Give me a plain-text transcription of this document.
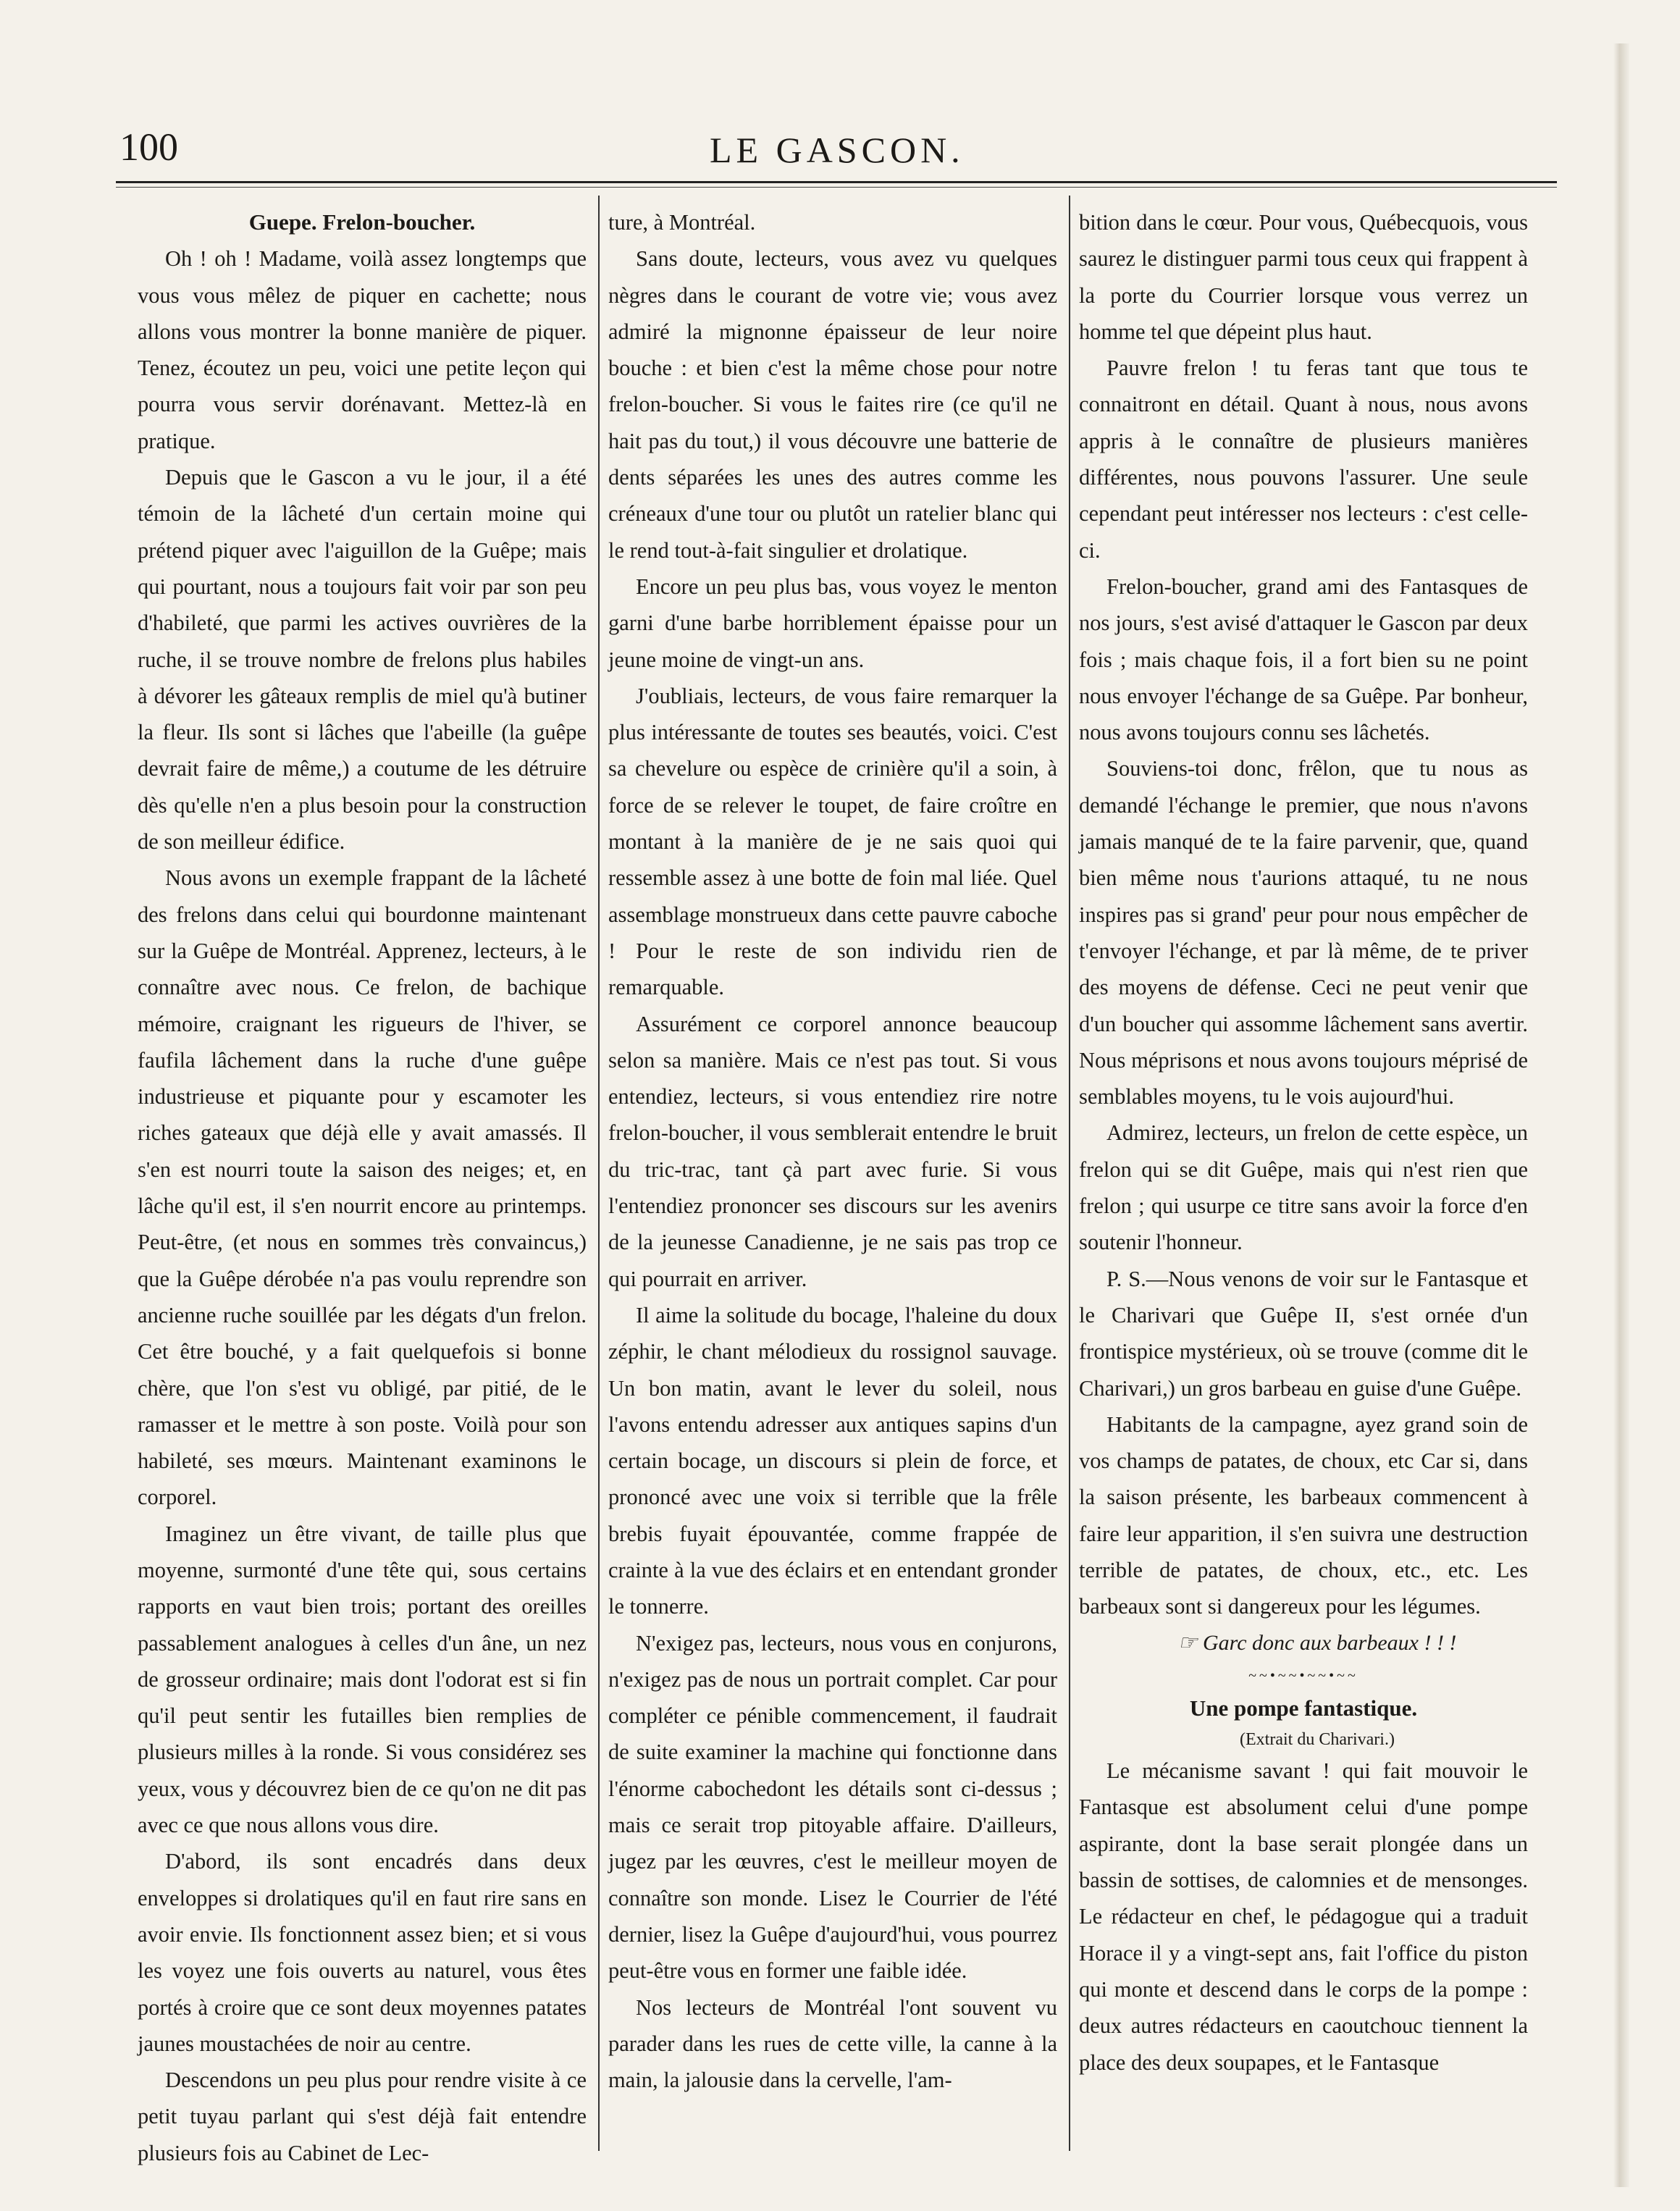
100	LE GASCON.
Guepe. Frelon-boucher.

Oh ! oh ! Madame, voilà assez longtemps que vous vous mêlez de piquer en cachette; nous allons vous montrer la bonne manière de piquer. Tenez, écoutez un peu, voici une petite leçon qui pourra vous servir dorénavant. Mettez-là en pratique.

Depuis que le Gascon a vu le jour, il a été témoin de la lâcheté d'un certain moine qui prétend piquer avec l'aiguillon de la Guêpe; mais qui pourtant, nous a toujours fait voir par son peu d'habileté, que parmi les actives ouvrières de la ruche, il se trouve nombre de frelons plus habiles à dévorer les gâteaux remplis de miel qu'à butiner la fleur. Ils sont si lâches que l'abeille (la guêpe devrait faire de même,) a coutume de les détruire dès qu'elle n'en a plus besoin pour la construction de son meilleur édifice.

Nous avons un exemple frappant de la lâcheté des frelons dans celui qui bourdonne maintenant sur la Guêpe de Montréal. Apprenez, lecteurs, à le connaître avec nous. Ce frelon, de bachique mémoire, craignant les rigueurs de l'hiver, se faufila lâchement dans la ruche d'une guêpe industrieuse et piquante pour y escamoter les riches gateaux que déjà elle y avait amassés. Il s'en est nourri toute la saison des neiges; et, en lâche qu'il est, il s'en nourrit encore au printemps. Peut-être, (et nous en sommes très convaincus,) que la Guêpe dérobée n'a pas voulu reprendre son ancienne ruche souillée par les dégats d'un frelon. Cet être bouché, y a fait quelquefois si bonne chère, que l'on s'est vu obligé, par pitié, de le ramasser et le mettre à son poste. Voilà pour son habileté, ses mœurs. Maintenant examinons le corporel.

Imaginez un être vivant, de taille plus que moyenne, surmonté d'une tête qui, sous certains rapports en vaut bien trois; portant des oreilles passablement analogues à celles d'un âne, un nez de grosseur ordinaire; mais dont l'odorat est si fin qu'il peut sentir les futailles bien remplies de plusieurs milles à la ronde. Si vous considérez ses yeux, vous y découvrez bien de ce qu'on ne dit pas avec ce que nous allons vous dire.

D'abord, ils sont encadrés dans deux enveloppes si drolatiques qu'il en faut rire sans en avoir envie. Ils fonctionnent assez bien; et si vous les voyez une fois ouverts au naturel, vous êtes portés à croire que ce sont deux moyennes patates jaunes moustachées de noir au centre.

Descendons un peu plus pour rendre visite à ce petit tuyau parlant qui s'est déjà fait entendre plusieurs fois au Cabinet de Lec-

ture, à Montréal.

Sans doute, lecteurs, vous avez vu quelques nègres dans le courant de votre vie; vous avez admiré la mignonne épaisseur de leur noire bouche : et bien c'est la même chose pour notre frelon-boucher. Si vous le faites rire (ce qu'il ne hait pas du tout,) il vous découvre une batterie de dents séparées les unes des autres comme les créneaux d'une tour ou plutôt un ratelier blanc qui le rend tout-à-fait singulier et drolatique.

Encore un peu plus bas, vous voyez le menton garni d'une barbe horriblement épaisse pour un jeune moine de vingt-un ans.

J'oubliais, lecteurs, de vous faire remarquer la plus intéressante de toutes ses beautés, voici. C'est sa chevelure ou espèce de crinière qu'il a soin, à force de se relever le toupet, de faire croître en montant à la manière de je ne sais quoi qui ressemble assez à une botte de foin mal liée. Quel assemblage monstrueux dans cette pauvre caboche ! Pour le reste de son individu rien de remarquable.

Assurément ce corporel annonce beaucoup selon sa manière. Mais ce n'est pas tout. Si vous entendiez, lecteurs, si vous entendiez rire notre frelon-boucher, il vous semblerait entendre le bruit du tric-trac, tant çà part avec furie. Si vous l'entendiez prononcer ses discours sur les avenirs de la jeunesse Canadienne, je ne sais pas trop ce qui pourrait en arriver.

Il aime la solitude du bocage, l'haleine du doux zéphir, le chant mélodieux du rossignol sauvage. Un bon matin, avant le lever du soleil, nous l'avons entendu adresser aux antiques sapins d'un certain bocage, un discours si plein de force, et prononcé avec une voix si terrible que la frêle brebis fuyait épouvantée, comme frappée de crainte à la vue des éclairs et en entendant gronder le tonnerre.

N'exigez pas, lecteurs, nous vous en conjurons, n'exigez pas de nous un portrait complet. Car pour compléter ce pénible commencement, il faudrait de suite examiner la machine qui fonctionne dans l'énorme cabochedont les détails sont ci-dessus ; mais ce serait trop pitoyable affaire. D'ailleurs, jugez par les œuvres, c'est le meilleur moyen de connaître son monde. Lisez le Courrier de l'été dernier, lisez la Guêpe d'aujourd'hui, vous pourrez peut-être vous en former une faible idée.

Nos lecteurs de Montréal l'ont souvent vu parader dans les rues de cette ville, la canne à la main, la jalousie dans la cervelle, l'am-

bition dans le cœur. Pour vous, Québecquois, vous saurez le distinguer parmi tous ceux qui frappent à la porte du Courrier lorsque vous verrez un homme tel que dépeint plus haut.

Pauvre frelon ! tu feras tant que tous te connaitront en détail. Quant à nous, nous avons appris à le connaître de plusieurs manières différentes, nous pouvons l'assurer. Une seule cependant peut intéresser nos lecteurs : c'est celle-ci.

Frelon-boucher, grand ami des Fantasques de nos jours, s'est avisé d'attaquer le Gascon par deux fois ; mais chaque fois, il a fort bien su ne point nous envoyer l'échange de sa Guêpe. Par bonheur, nous avons toujours connu ses lâchetés.

Souviens-toi donc, frêlon, que tu nous as demandé l'échange le premier, que nous n'avons jamais manqué de te la faire parvenir, que, quand bien même nous t'aurions attaqué, tu ne nous inspires pas si grand' peur pour nous empêcher de t'envoyer l'échange, et par là même, de te priver des moyens de défense. Ceci ne peut venir que d'un boucher qui assomme lâchement sans avertir. Nous méprisons et nous avons toujours méprisé de semblables moyens, tu le vois aujourd'hui.

Admirez, lecteurs, un frelon de cette espèce, un frelon qui se dit Guêpe, mais qui n'est rien que frelon ; qui usurpe ce titre sans avoir la force d'en soutenir l'honneur.

P. S.—Nous venons de voir sur le Fantasque et le Charivari que Guêpe II, s'est ornée d'un frontispice mystérieux, où se trouve (comme dit le Charivari,) un gros barbeau en guise d'une Guêpe.

Habitants de la campagne, ayez grand soin de vos champs de patates, de choux, etc Car si, dans la saison présente, les barbeaux commencent à faire leur apparition, il s'en suivra une destruction terrible de patates, de choux, etc., etc. Les barbeaux sont si dangereux pour les légumes.

☞ Garc donc aux barbeaux ! ! !

~~•~~•~~•~~
Une pompe fantastique.

(Extrait du Charivari.)

Le mécanisme savant ! qui fait mouvoir le Fantasque est absolument celui d'une pompe aspirante, dont la base serait plongée dans un bassin de sottises, de calomnies et de mensonges. Le rédacteur en chef, le pédagogue qui a traduit Horace il y a vingt-sept ans, fait l'office du piston qui monte et descend dans le corps de la pompe : deux autres rédacteurs en caoutchouc tiennent la place des deux soupapes, et le Fantasque
